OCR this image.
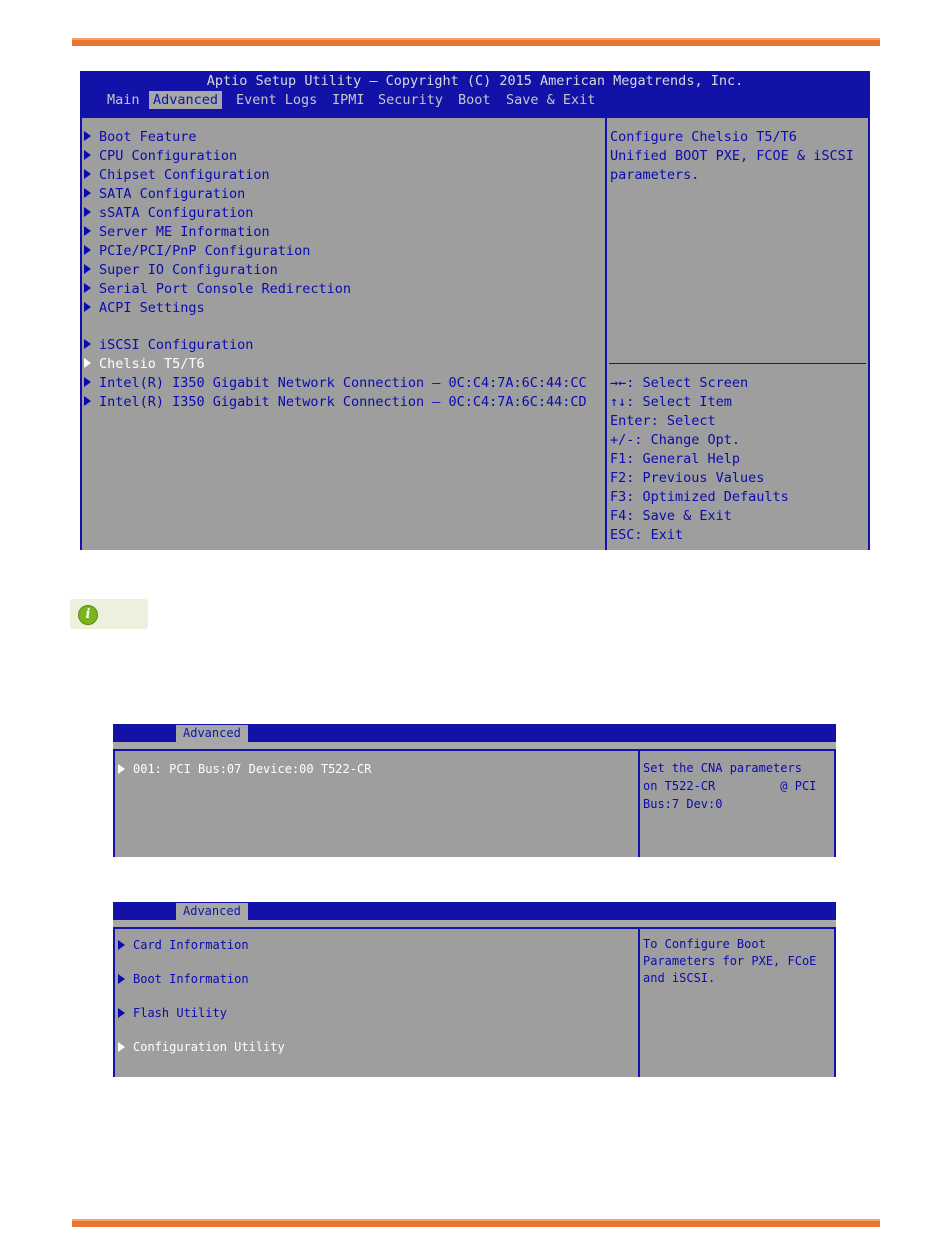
Aptio Setup Utility – Copyright (C) 2015 American Megatrends, Inc.
Main Advanced Event Logs IPMI Security Boot Save & Exit
Boot Feature
CPU Configuration
Chipset Configuration
SATA Configuration
sSATA Configuration
Server ME Information
PCIe/PCI/PnP Configuration
Super IO Configuration
Serial Port Console Redirection
ACPI Settings
iSCSI Configuration
Chelsio T5/T6
Intel(R) I350 Gigabit Network Connection – 0C:C4:7A:6C:44:CC
Intel(R) I350 Gigabit Network Connection – 0C:C4:7A:6C:44:CD
Configure Chelsio T5/T6
Unified BOOT PXE, FCOE & iSCSI
parameters.
→←: Select Screen
↑↓: Select Item
Enter: Select
+/-: Change Opt.
F1: General Help
F2: Previous Values
F3: Optimized Defaults
F4: Save & Exit
ESC: Exit
i
Advanced
001: PCI Bus:07 Device:00 T522-CR	Set the CNA parameters
on T522-CR         @ PCI
Bus:7 Dev:0
Advanced
Card Information
Boot Information
Flash Utility
Configuration Utility
To Configure Boot
Parameters for PXE, FCoE
and iSCSI.
